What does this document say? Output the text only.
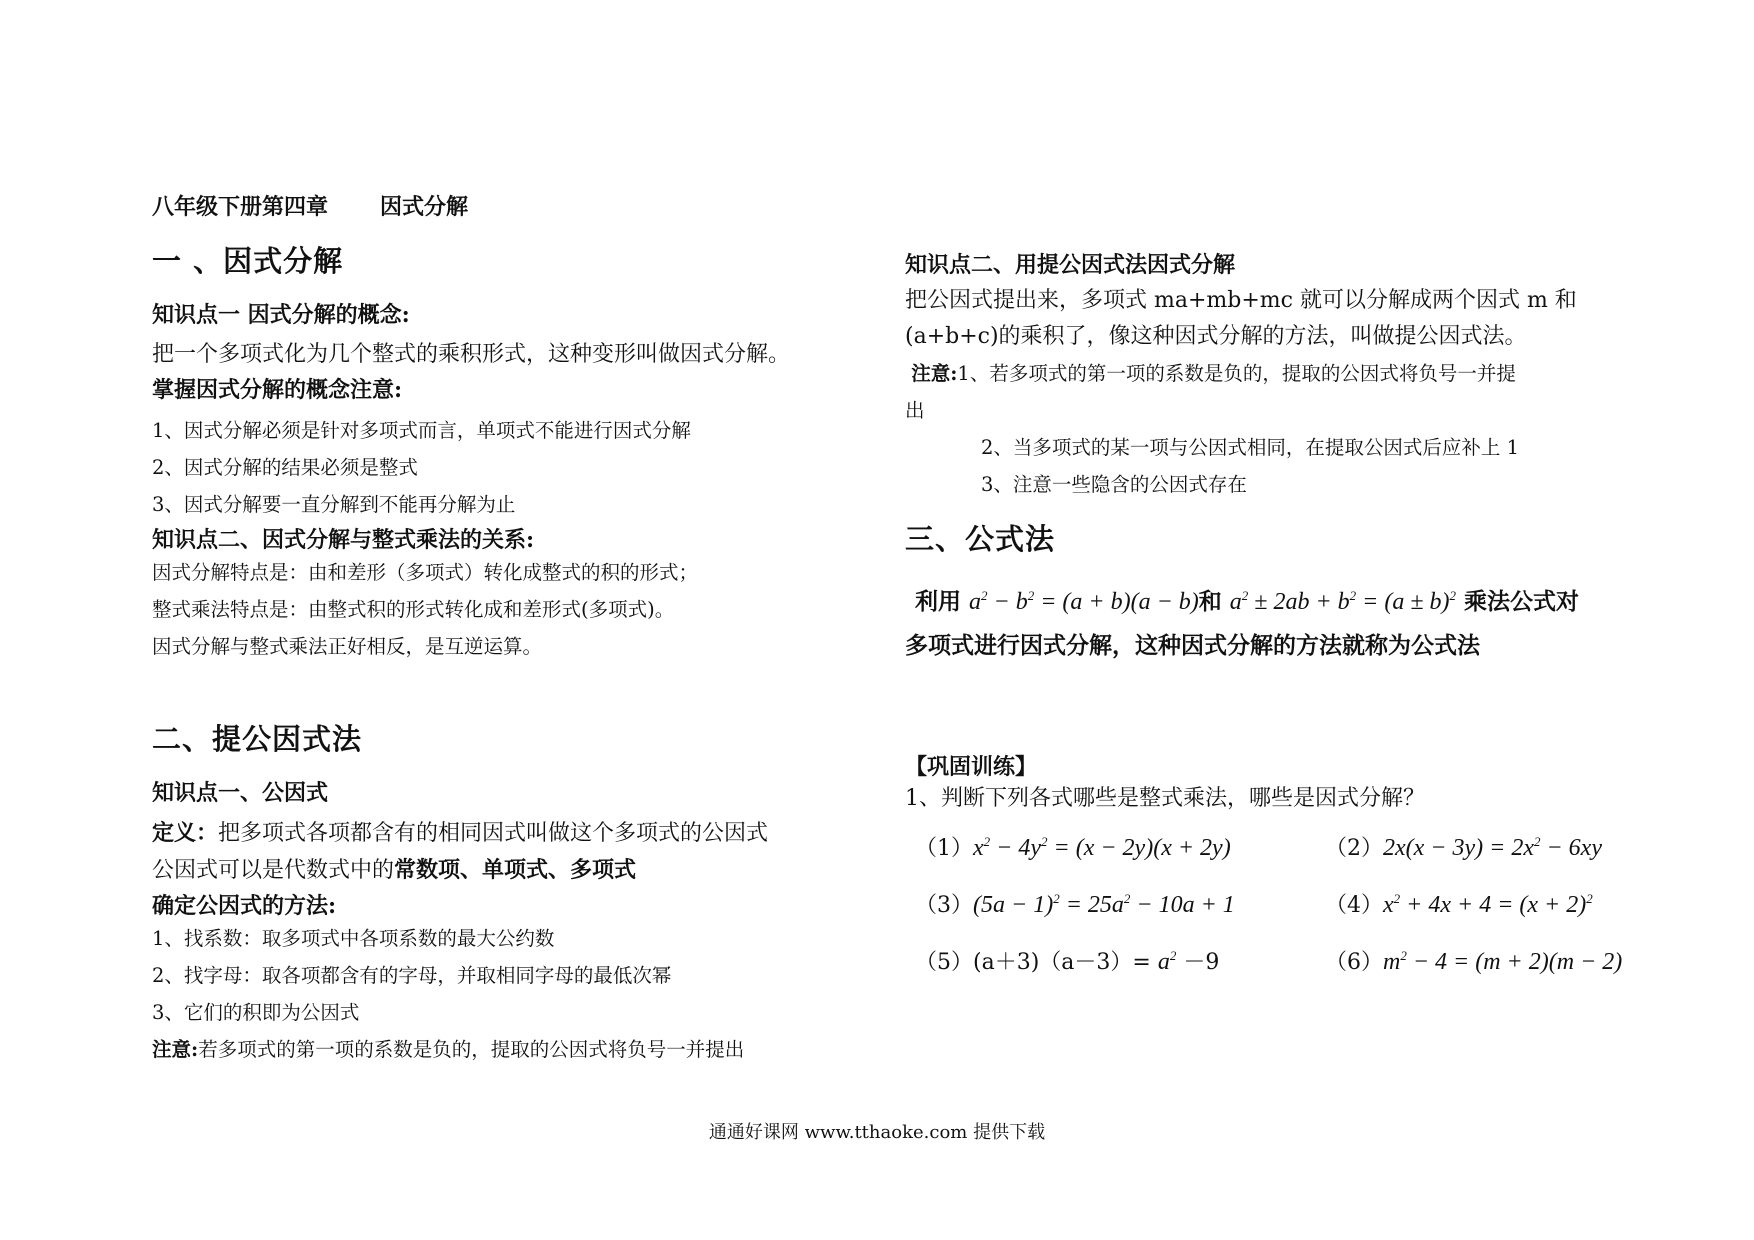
八年级下册第四章 因式分解
一 、因式分解
知识点一 因式分解的概念:

把一个多项式化为几个整式的乘积形式，这种变形叫做因式分解。

掌握因式分解的概念注意:

1、因式分解必须是针对多项式而言，单项式不能进行因式分解

2、因式分解的结果必须是整式

3、因式分解要一直分解到不能再分解为止

知识点二、因式分解与整式乘法的关系:

因式分解特点是：由和差形（多项式）转化成整式的积的形式；

整式乘法特点是：由整式积的形式转化成和差形式(多项式)。

因式分解与整式乘法正好相反，是互逆运算。

二、提公因式法
知识点一、公因式

定义：把多项式各项都含有的相同因式叫做这个多项式的公因式

公因式可以是代数式中的常数项、单项式、多项式

确定公因式的方法:

1、找系数：取多项式中各项系数的最大公约数

2、找字母：取各项都含有的字母，并取相同字母的最低次幂

3、它们的积即为公因式

注意:若多项式的第一项的系数是负的，提取的公因式将负号一并提出

知识点二、用提公因式法因式分解

把公因式提出来，多项式 ma+mb+mc 就可以分解成两个因式 m 和

(a+b+c)的乘积了，像这种因式分解的方法，叫做提公因式法。

注意:1、若多项式的第一项的系数是负的，提取的公因式将负号一并提

出

2、当多项式的某一项与公因式相同，在提取公因式后应补上 1

3、注意一些隐含的公因式存在

三、公式法

利用 $a^2 - b^2 = (a + b)(a - b)$和 $a^2 \pm 2ab + b^2 = (a \pm b)^2$ 乘法公式对

多项式进行因式分解，这种因式分解的方法就称为公式法

【巩固训练】

1、判断下列各式哪些是整式乘法，哪些是因式分解？

$(1)x^2 - 4y^2 = (x - 2y)(x + 2y)$	$(2)2x(x - 3y) = 2x^2 - 6xy$
$(3)(5a - 1)^2 = 25a^2 - 10a + 1$	$(4)x^2 + 4x + 4 = (x + 2)^2$
$(5)(a+3)(a-3)= a^2 -9$	$(6)m^2 - 4 = (m + 2)(m - 2)$
通通好课网 www.tthaoke.com 提供下载
